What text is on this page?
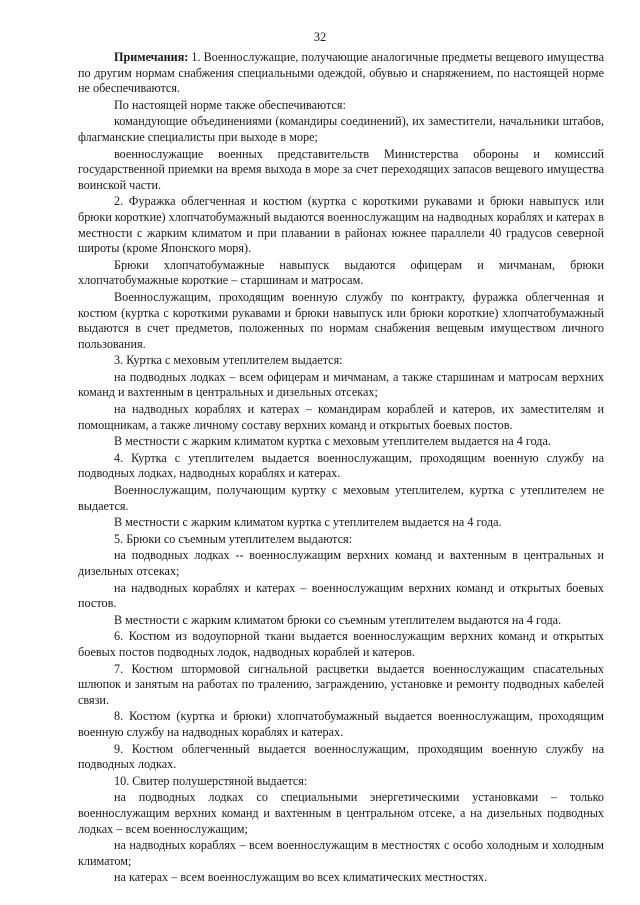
32

Примечания: 1. Военнослужащие, получающие аналогичные предметы вещевого имущества по другим нормам снабжения специальными одеждой, обувью и снаряжением, по настоящей норме не обеспечиваются.

По настоящей норме также обеспечиваются:

командующие объединениями (командиры соединений), их заместители, начальники штабов, флагманские специалисты при выходе в море;

военнослужащие военных представительств Министерства обороны и комиссий государственной приемки на время выхода в море за счет переходящих запасов вещевого имущества воинской части.

2. Фуражка облегченная и костюм (куртка с короткими рукавами и брюки навыпуск или брюки короткие) хлопчатобумажный выдаются военнослужащим на надводных кораблях и катерах в местности с жарким климатом и при плавании в районах южнее параллели 40 градусов северной широты (кроме Японского моря).

Брюки хлопчатобумажные навыпуск выдаются офицерам и мичманам, брюки хлопчатобумажные короткие – старшинам и матросам.

Военнослужащим, проходящим военную службу по контракту, фуражка облегченная и костюм (куртка с короткими рукавами и брюки навыпуск или брюки короткие) хлопчатобумажный выдаются в счет предметов, положенных по нормам снабжения вещевым имуществом личного пользования.

3. Куртка с меховым утеплителем выдается:

на подводных лодках – всем офицерам и мичманам, а также старшинам и матросам верхних команд и вахтенным в центральных и дизельных отсеках;

на надводных кораблях и катерах – командирам кораблей и катеров, их заместителям и помощникам, а также личному составу верхних команд и открытых боевых постов.

В местности с жарким климатом куртка с меховым утеплителем выдается на 4 года.

4. Куртка с утеплителем выдается военнослужащим, проходящим военную службу на подводных лодках, надводных кораблях и катерах.

Военнослужащим, получающим куртку с меховым утеплителем, куртка с утеплителем не выдается.

В местности с жарким климатом куртка с утеплителем выдается на 4 года.

5. Брюки со съемным утеплителем выдаются:

на подводных лодках -- военнослужащим верхних команд и вахтенным в центральных и дизельных отсеках;

на надводных кораблях и катерах – военнослужащим верхних команд и открытых боевых постов.

В местности с жарким климатом брюки со съемным утеплителем выдаются на 4 года.

6. Костюм из водоупорной ткани выдается военнослужащим верхних команд и открытых боевых постов подводных лодок, надводных кораблей и катеров.

7. Костюм штормовой сигнальной расцветки выдается военнослужащим спасательных шлюпок и занятым на работах по тралению, заграждению, установке и ремонту подводных кабелей связи.

8. Костюм (куртка и брюки) хлопчатобумажный выдается военнослужащим, проходящим военную службу на надводных кораблях и катерах.

9. Костюм облегченный выдается военнослужащим, проходящим военную службу на подводных лодках.

10. Свитер полушерстяной выдается:

на подводных лодках со специальными энергетическими установками – только военнослужащим верхних команд и вахтенным в центральном отсеке, а на дизельных подводных лодках – всем военнослужащим;

на надводных кораблях – всем военнослужащим в местностях с особо холодным и холодным климатом;

на катерах – всем военнослужащим во всех климатических местностях.
